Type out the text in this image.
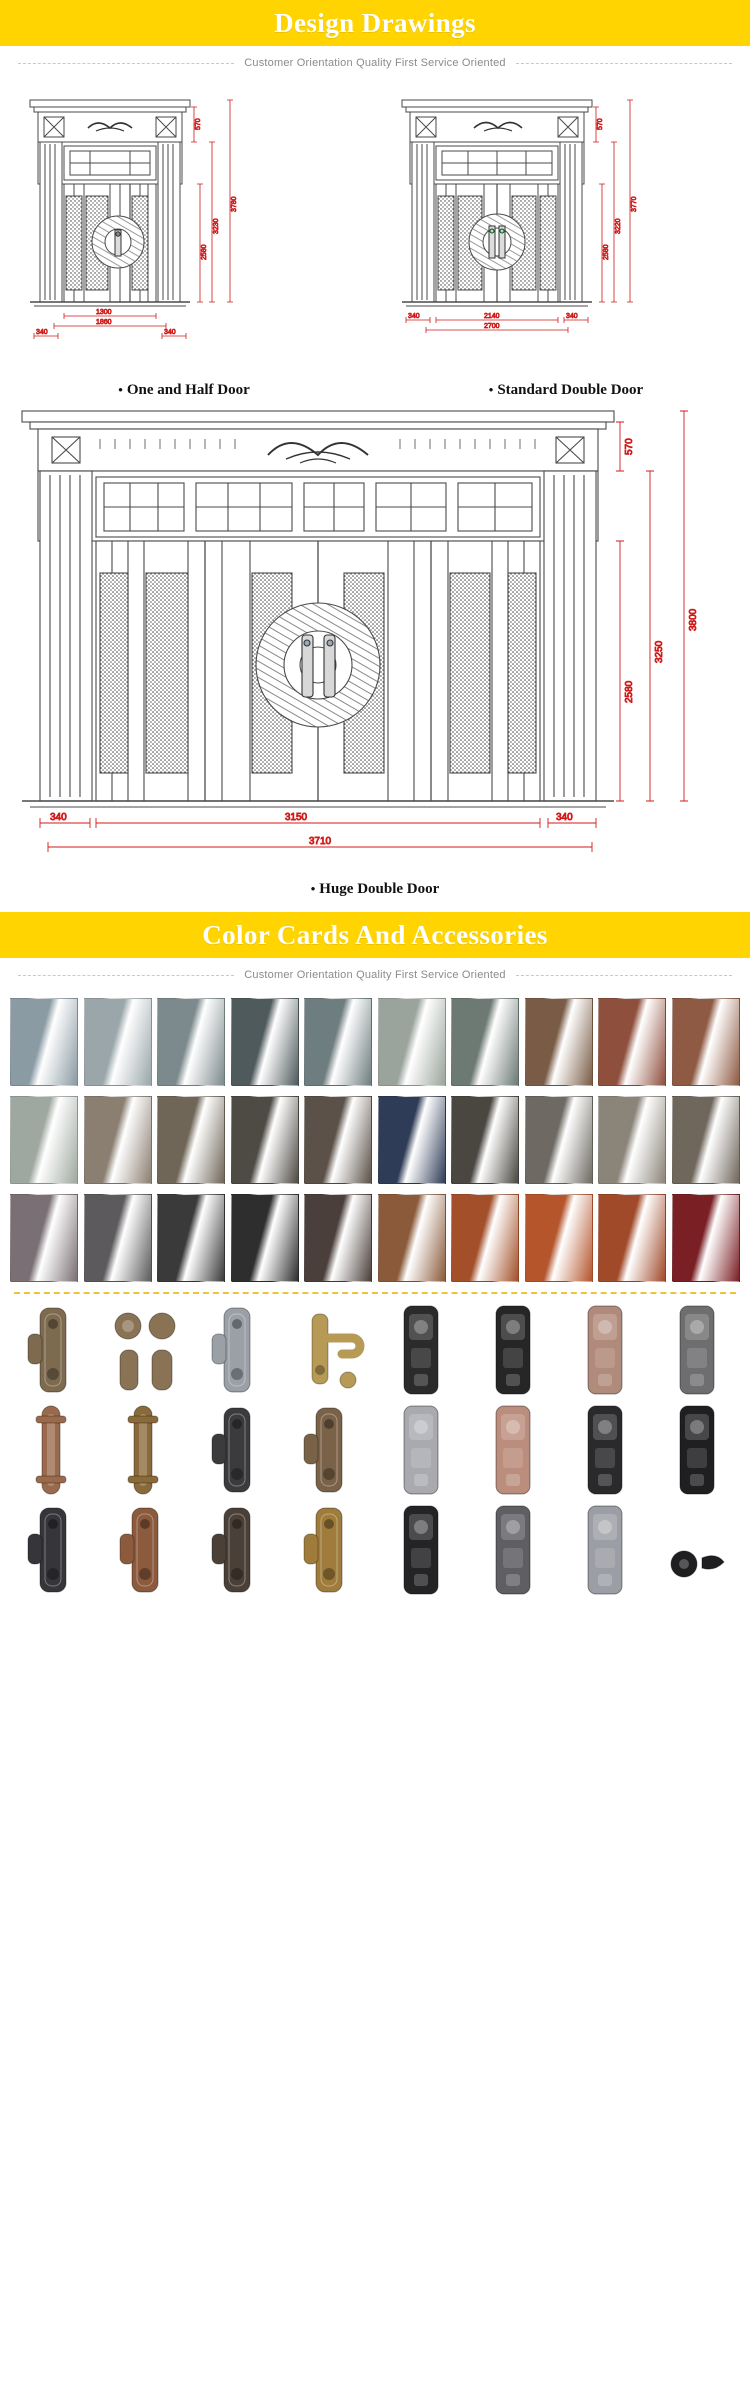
Design Drawings
Customer Orientation Quality First Service Oriented
570
3230
3780
2580
1300
1860
340	340
• One and Half Door
570
2580
3220
3770
2140
2700
340	340
• Standard Double Door
570
2580
3250
3800
3150
3710
340	340
• Huge Double Door
Color Cards And Accessories
Customer Orientation Quality First Service Oriented
